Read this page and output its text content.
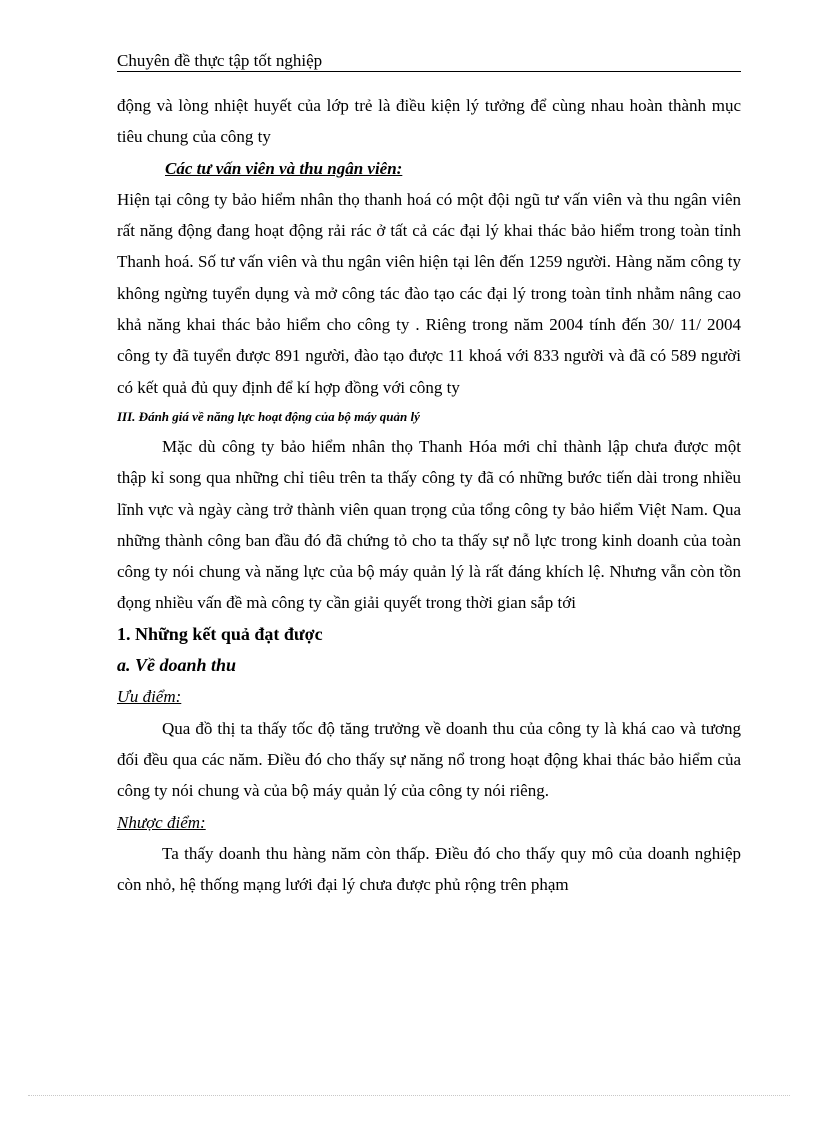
Chuyên đề thực tập tốt nghiệp

động và lòng nhiệt huyết của lớp trẻ là điều kiện lý tưởng để cùng nhau hoàn thành mục tiêu chung của công ty

Các tư vấn viên và thu ngân viên:

Hiện tại công ty bảo hiểm nhân thọ thanh hoá có một đội ngũ tư vấn viên và thu ngân viên rất năng động đang hoạt động rải rác ở tất cả các đại lý khai thác bảo hiểm trong toàn tỉnh Thanh hoá. Số tư vấn viên và thu ngân viên hiện tại lên đến 1259 người. Hàng năm công ty không ngừng tuyển dụng và mở công tác đào tạo các đại lý trong toàn tỉnh nhằm nâng cao khả năng khai thác bảo hiểm cho công ty . Riêng trong năm 2004 tính đến 30/ 11/ 2004 công ty đã tuyển được 891 người, đào tạo được 11 khoá với 833 người và đã có 589 người có kết quả đủ quy định để kí hợp đồng với công ty

III. Đánh giá về năng lực hoạt động của bộ máy quản lý

Mặc dù công ty bảo hiểm nhân thọ Thanh Hóa mới chỉ thành lập chưa được một thập kỉ song qua những chỉ tiêu trên ta thấy công ty đã có những bước tiến dài trong nhiều lĩnh vực và ngày càng trở thành viên quan trọng của tổng công ty bảo hiểm Việt Nam. Qua những thành công ban đầu đó đã chứng tỏ cho ta thấy sự nỗ lực trong kinh doanh của toàn công ty nói chung và năng lực của bộ máy quản lý là rất đáng khích lệ. Nhưng vẫn còn tồn đọng nhiều vấn đề mà công ty cần giải quyết trong thời gian sắp tới

1. Những kết quả đạt được

a. Về doanh thu

Ưu điểm:

Qua đồ thị ta thấy tốc độ tăng trưởng về doanh thu của công ty là khá cao và tương đối đều qua các năm. Điều đó cho thấy sự năng nổ trong hoạt động khai thác bảo hiểm của công ty nói chung và của bộ máy quản lý của công ty nói riêng.

Nhược điểm:

Ta thấy doanh thu hàng năm còn thấp. Điều đó cho thấy quy mô của doanh nghiệp còn nhỏ, hệ thống mạng lưới đại lý chưa được phủ rộng trên phạm
